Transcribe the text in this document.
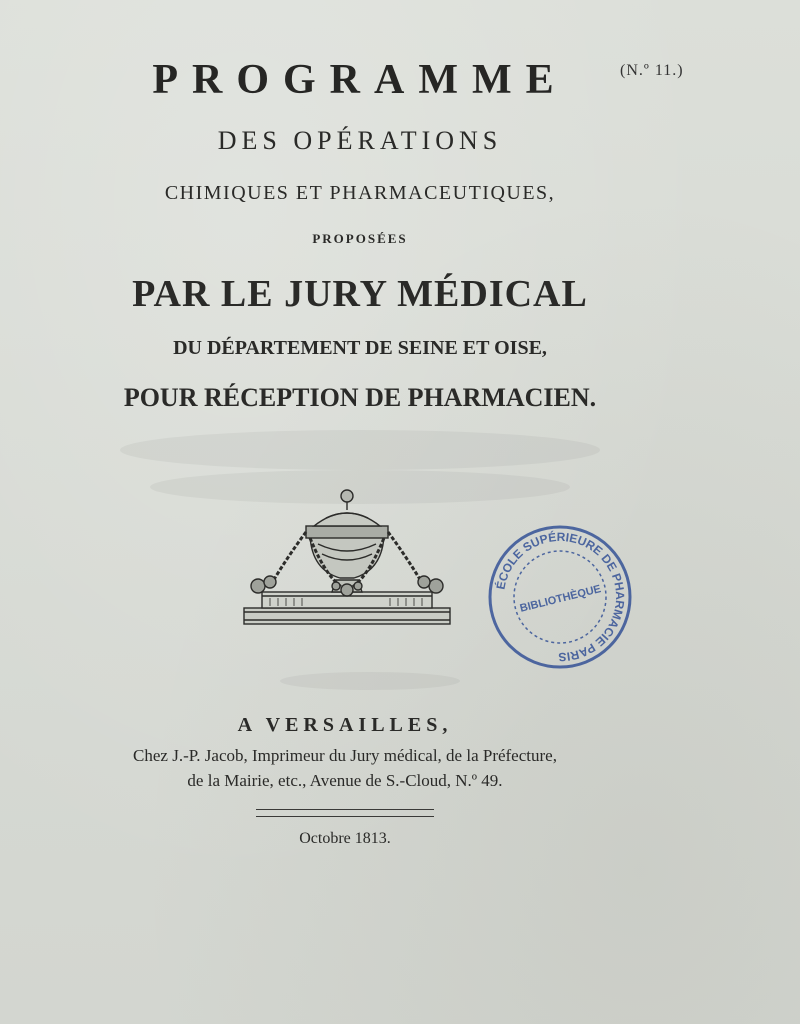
PROGRAMME	(N.º 11.)
DES OPÉRATIONS
CHIMIQUES ET PHARMACEUTIQUES,
PROPOSÉES
PAR LE JURY MÉDICAL
DU DÉPARTEMENT DE SEINE ET OISE,
POUR RÉCEPTION DE PHARMACIEN.
ÉCOLE SUPÉRIEURE DE PHARMACIE PARIS
BIBLIOTHÈQUE
A VERSAILLES,
Chez J.-P. Jacob, Imprimeur du Jury médical, de la Préfecture,
de la Mairie, etc., Avenue de S.-Cloud, N.º 49.
Octobre 1813.
